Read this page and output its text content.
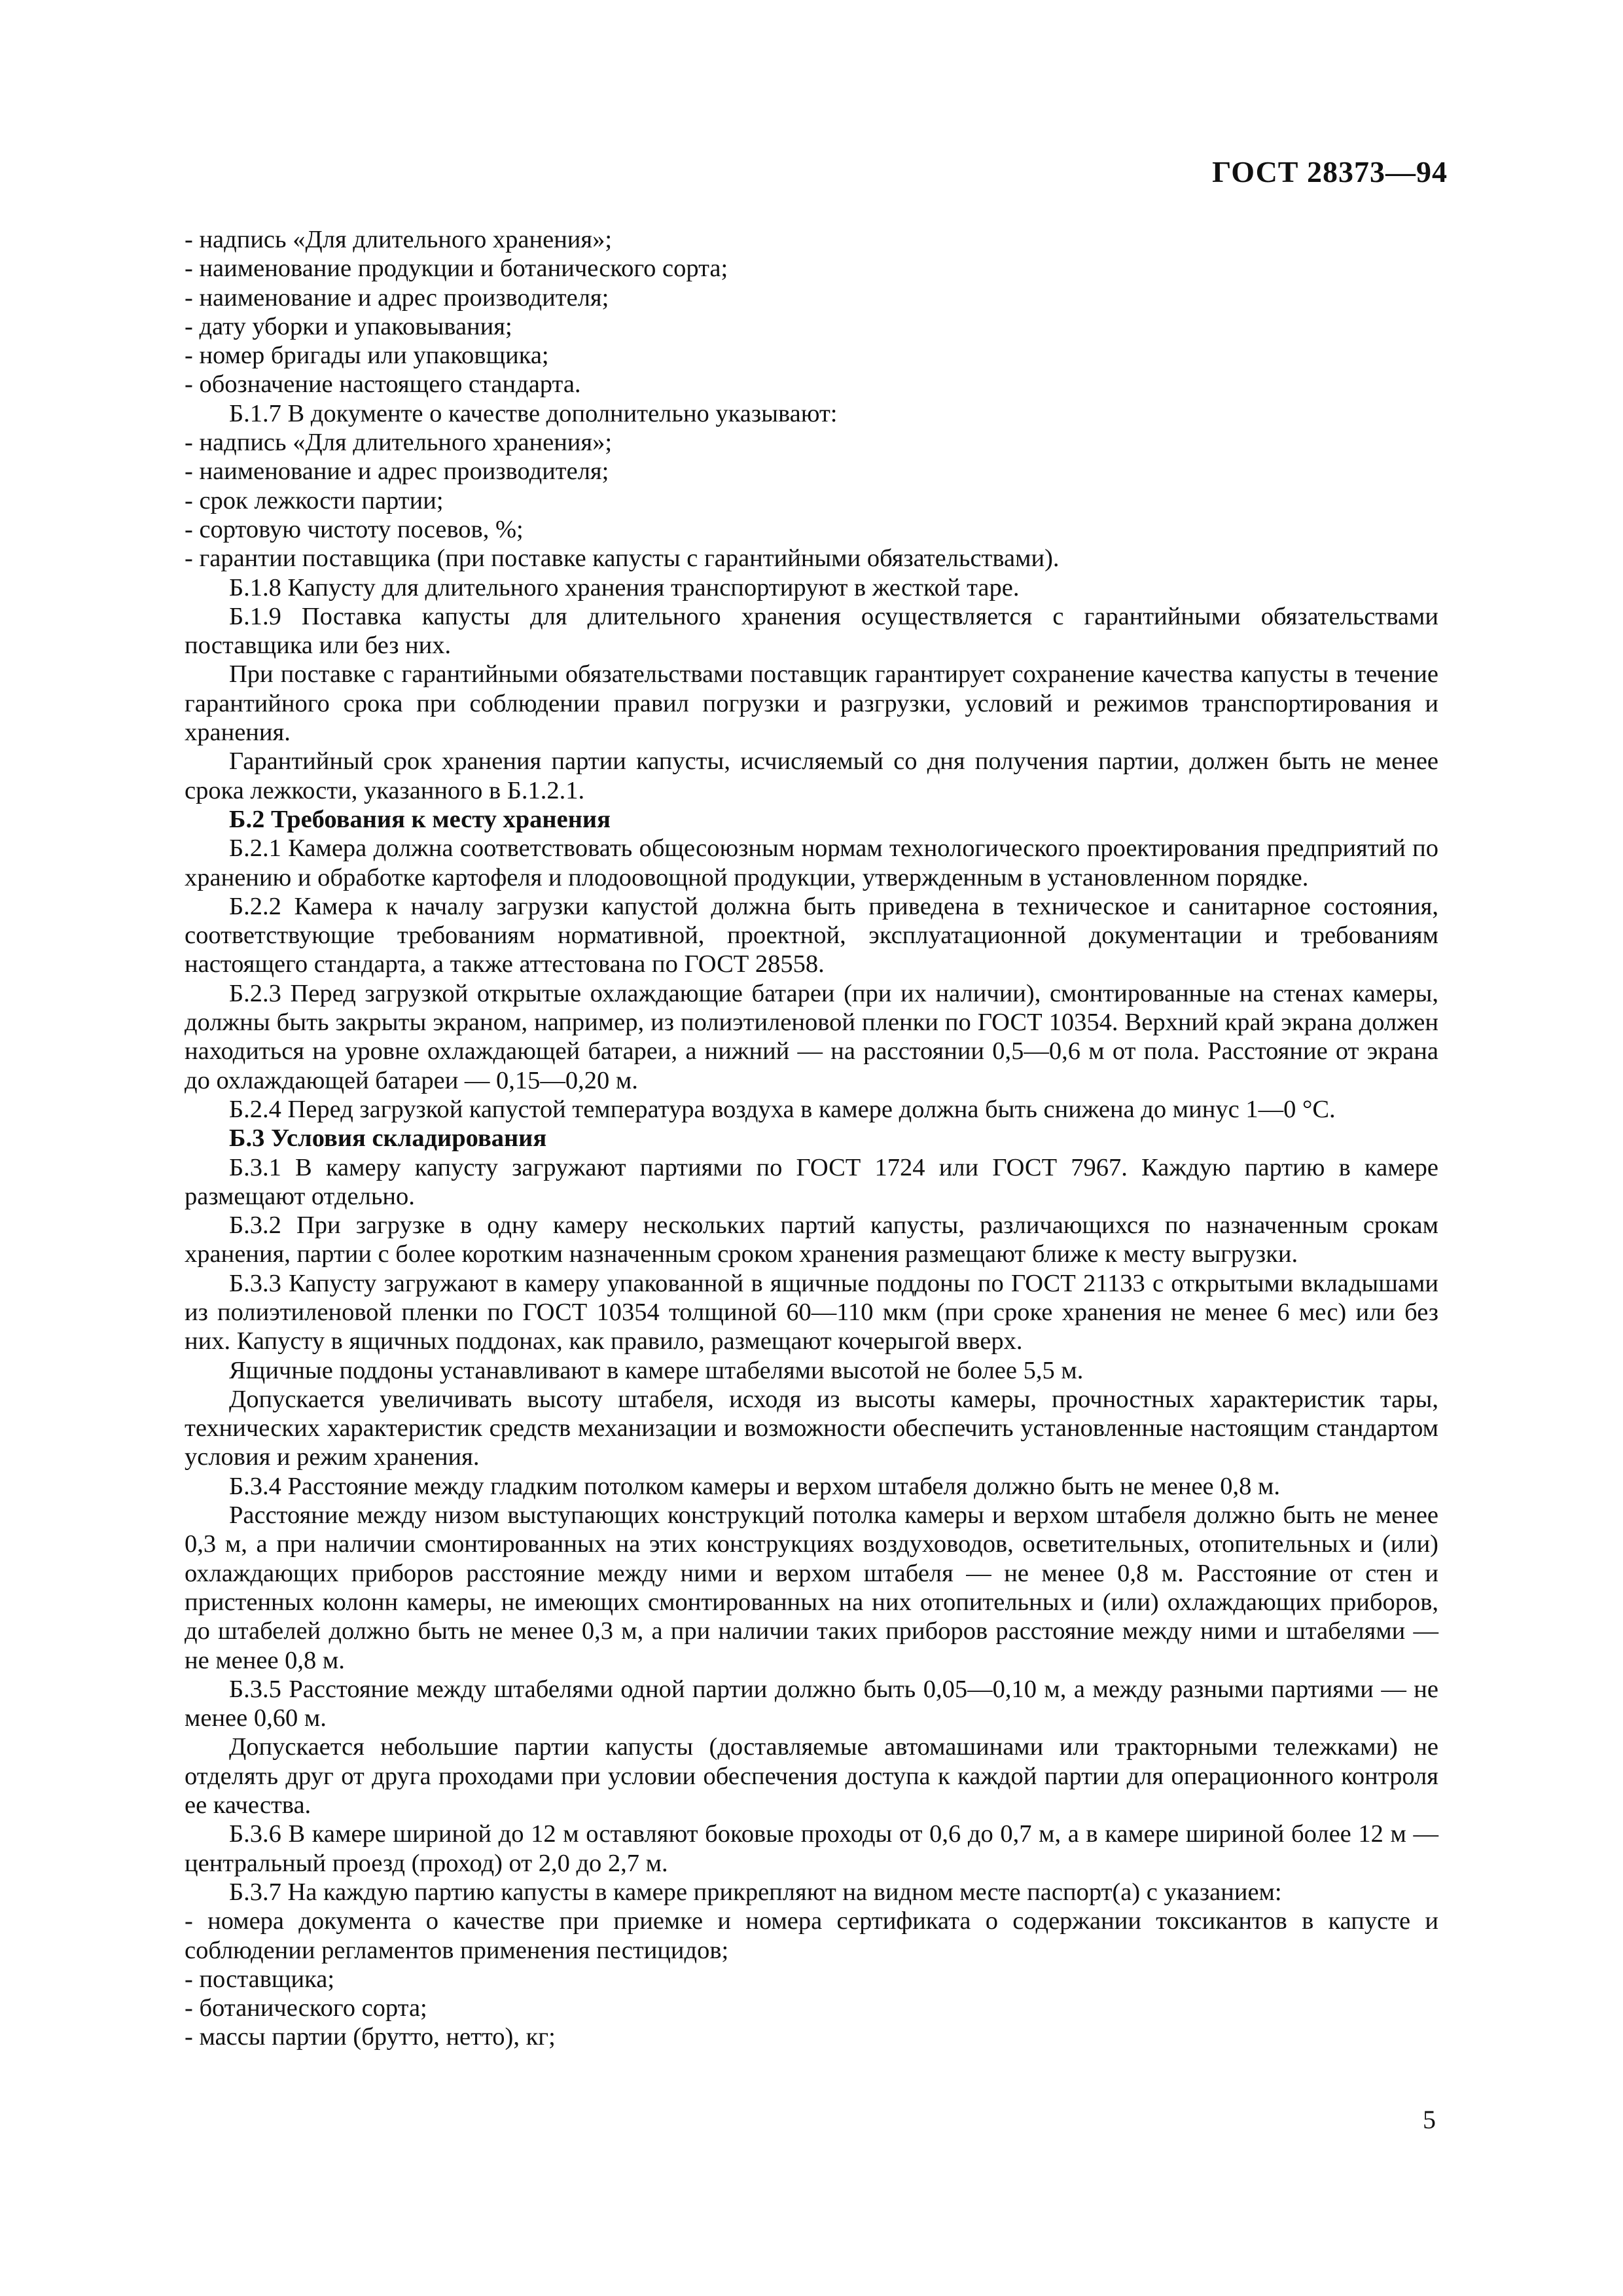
ГОСТ 28373—94

- надпись «Для длительного хранения»;

- наименование продукции и ботанического сорта;

- наименование и адрес производителя;

- дату уборки и упаковывания;

- номер бригады или упаковщика;

- обозначение настоящего стандарта.

Б.1.7 В документе о качестве дополнительно указывают:

- надпись «Для длительного хранения»;

- наименование и адрес производителя;

- срок лежкости партии;

- сортовую чистоту посевов, %;

- гарантии поставщика (при поставке капусты с гарантийными обязательствами).

Б.1.8 Капусту для длительного хранения транспортируют в жесткой таре.

Б.1.9 Поставка капусты для длительного хранения осуществляется с гарантийными обязательствами поставщика или без них.

При поставке с гарантийными обязательствами поставщик гарантирует сохранение качества капусты в течение гарантийного срока при соблюдении правил погрузки и разгрузки, условий и режимов транспортирования и хранения.

Гарантийный срок хранения партии капусты, исчисляемый со дня получения партии, должен быть не менее срока лежкости, указанного в Б.1.2.1.

Б.2 Требования к месту хранения

Б.2.1 Камера должна соответствовать общесоюзным нормам технологического проектирования предприятий по хранению и обработке картофеля и плодоовощной продукции, утвержденным в установленном порядке.

Б.2.2 Камера к началу загрузки капустой должна быть приведена в техническое и санитарное состояния, соответствующие требованиям нормативной, проектной, эксплуатационной документации и требованиям настоящего стандарта, а также аттестована по ГОСТ 28558.

Б.2.3 Перед загрузкой открытые охлаждающие батареи (при их наличии), смонтированные на стенах камеры, должны быть закрыты экраном, например, из полиэтиленовой пленки по ГОСТ 10354. Верхний край экрана должен находиться на уровне охлаждающей батареи, а нижний — на расстоянии 0,5—0,6 м от пола. Расстояние от экрана до охлаждающей батареи — 0,15—0,20 м.

Б.2.4 Перед загрузкой капустой температура воздуха в камере должна быть снижена до минус 1—0 °С.

Б.3 Условия складирования

Б.3.1 В камеру капусту загружают партиями по ГОСТ 1724 или ГОСТ 7967. Каждую партию в камере размещают отдельно.

Б.3.2 При загрузке в одну камеру нескольких партий капусты, различающихся по назначенным срокам хранения, партии с более коротким назначенным сроком хранения размещают ближе к месту выгрузки.

Б.3.3 Капусту загружают в камеру упакованной в ящичные поддоны по ГОСТ 21133 с открытыми вкладышами из полиэтиленовой пленки по ГОСТ 10354 толщиной 60—110 мкм (при сроке хранения не менее 6 мес) или без них. Капусту в ящичных поддонах, как правило, размещают кочерыгой вверх.

Ящичные поддоны устанавливают в камере штабелями высотой не более 5,5 м.

Допускается увеличивать высоту штабеля, исходя из высоты камеры, прочностных характеристик тары, технических характеристик средств механизации и возможности обеспечить установленные настоящим стандартом условия и режим хранения.

Б.3.4 Расстояние между гладким потолком камеры и верхом штабеля должно быть не менее 0,8 м.

Расстояние между низом выступающих конструкций потолка камеры и верхом штабеля должно быть не менее 0,3 м, а при наличии смонтированных на этих конструкциях воздуховодов, осветительных, отопительных и (или) охлаждающих приборов расстояние между ними и верхом штабеля — не менее 0,8 м. Расстояние от стен и пристенных колонн камеры, не имеющих смонтированных на них отопительных и (или) охлаждающих приборов, до штабелей должно быть не менее 0,3 м, а при наличии таких приборов расстояние между ними и штабелями — не менее 0,8 м.

Б.3.5 Расстояние между штабелями одной партии должно быть 0,05—0,10 м, а между разными партиями — не менее 0,60 м.

Допускается небольшие партии капусты (доставляемые автомашинами или тракторными тележками) не отделять друг от друга проходами при условии обеспечения доступа к каждой партии для операционного контроля ее качества.

Б.3.6 В камере шириной до 12 м оставляют боковые проходы от 0,6 до 0,7 м, а в камере шириной более 12 м — центральный проезд (проход) от 2,0 до 2,7 м.

Б.3.7 На каждую партию капусты в камере прикрепляют на видном месте паспорт(а) с указанием:

- номера документа о качестве при приемке и номера сертификата о содержании токсикантов в капусте и соблюдении регламентов применения пестицидов;

- поставщика;

- ботанического сорта;

- массы партии (брутто, нетто), кг;

5
